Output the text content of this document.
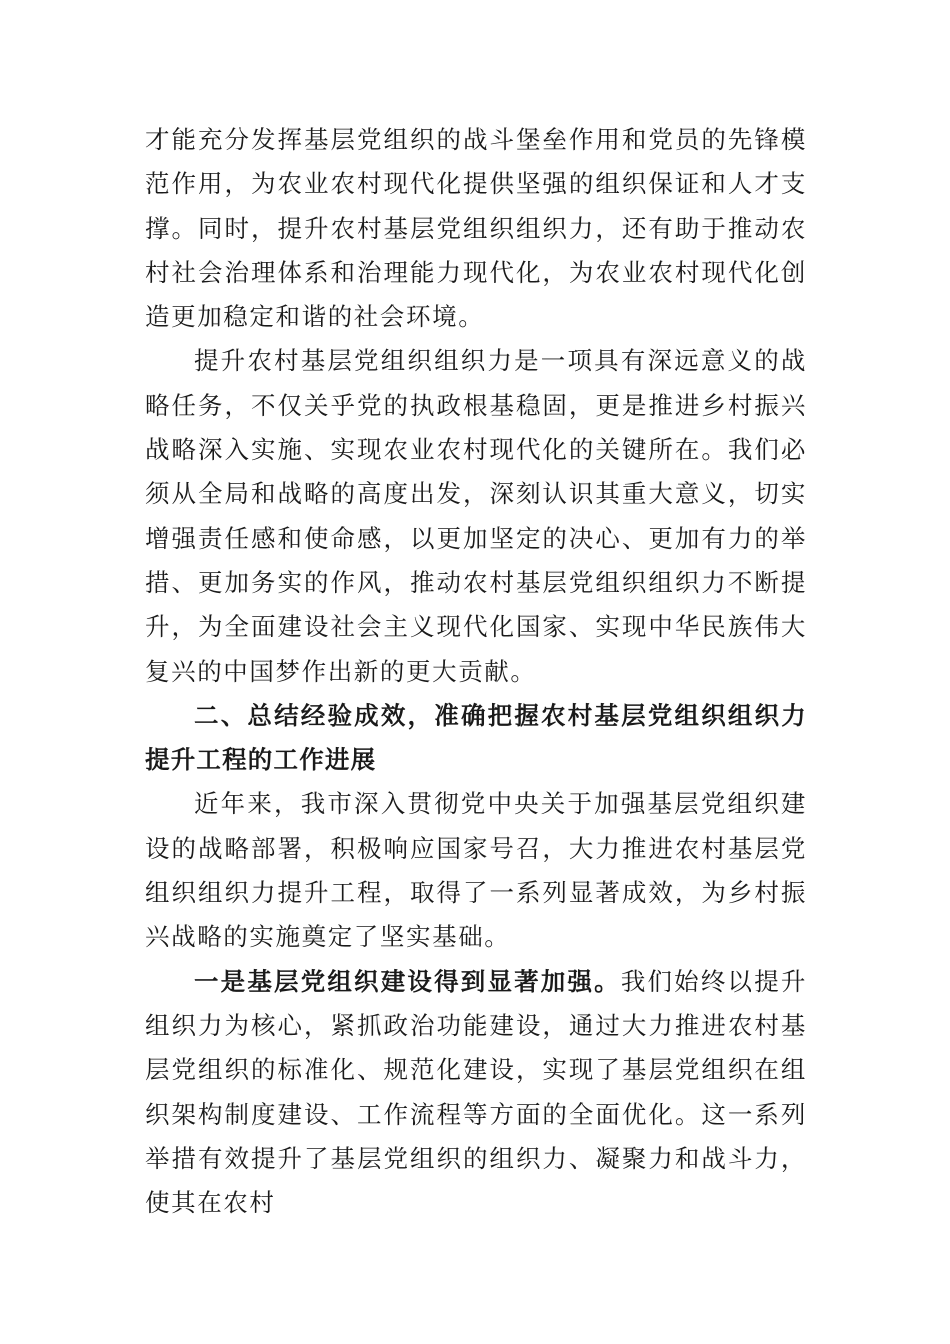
才能充分发挥基层党组织的战斗堡垒作用和党员的先锋模范作用，为农业农村现代化提供坚强的组织保证和人才支撑。同时，提升农村基层党组织组织力，还有助于推动农村社会治理体系和治理能力现代化，为农业农村现代化创造更加稳定和谐的社会环境。

提升农村基层党组织组织力是一项具有深远意义的战略任务，不仅关乎党的执政根基稳固，更是推进乡村振兴战略深入实施、实现农业农村现代化的关键所在。我们必须从全局和战略的高度出发，深刻认识其重大意义，切实增强责任感和使命感，以更加坚定的决心、更加有力的举措、更加务实的作风，推动农村基层党组织组织力不断提升，为全面建设社会主义现代化国家、实现中华民族伟大复兴的中国梦作出新的更大贡献。

二、总结经验成效，准确把握农村基层党组织组织力提升工程的工作进展

近年来，我市深入贯彻党中央关于加强基层党组织建设的战略部署，积极响应国家号召，大力推进农村基层党组织组织力提升工程，取得了一系列显著成效，为乡村振兴战略的实施奠定了坚实基础。

一是基层党组织建设得到显著加强。我们始终以提升组织力为核心，紧抓政治功能建设，通过大力推进农村基层党组织的标准化、规范化建设，实现了基层党组织在组织架构制度建设、工作流程等方面的全面优化。这一系列举措有效提升了基层党组织的组织力、凝聚力和战斗力，使其在农村
